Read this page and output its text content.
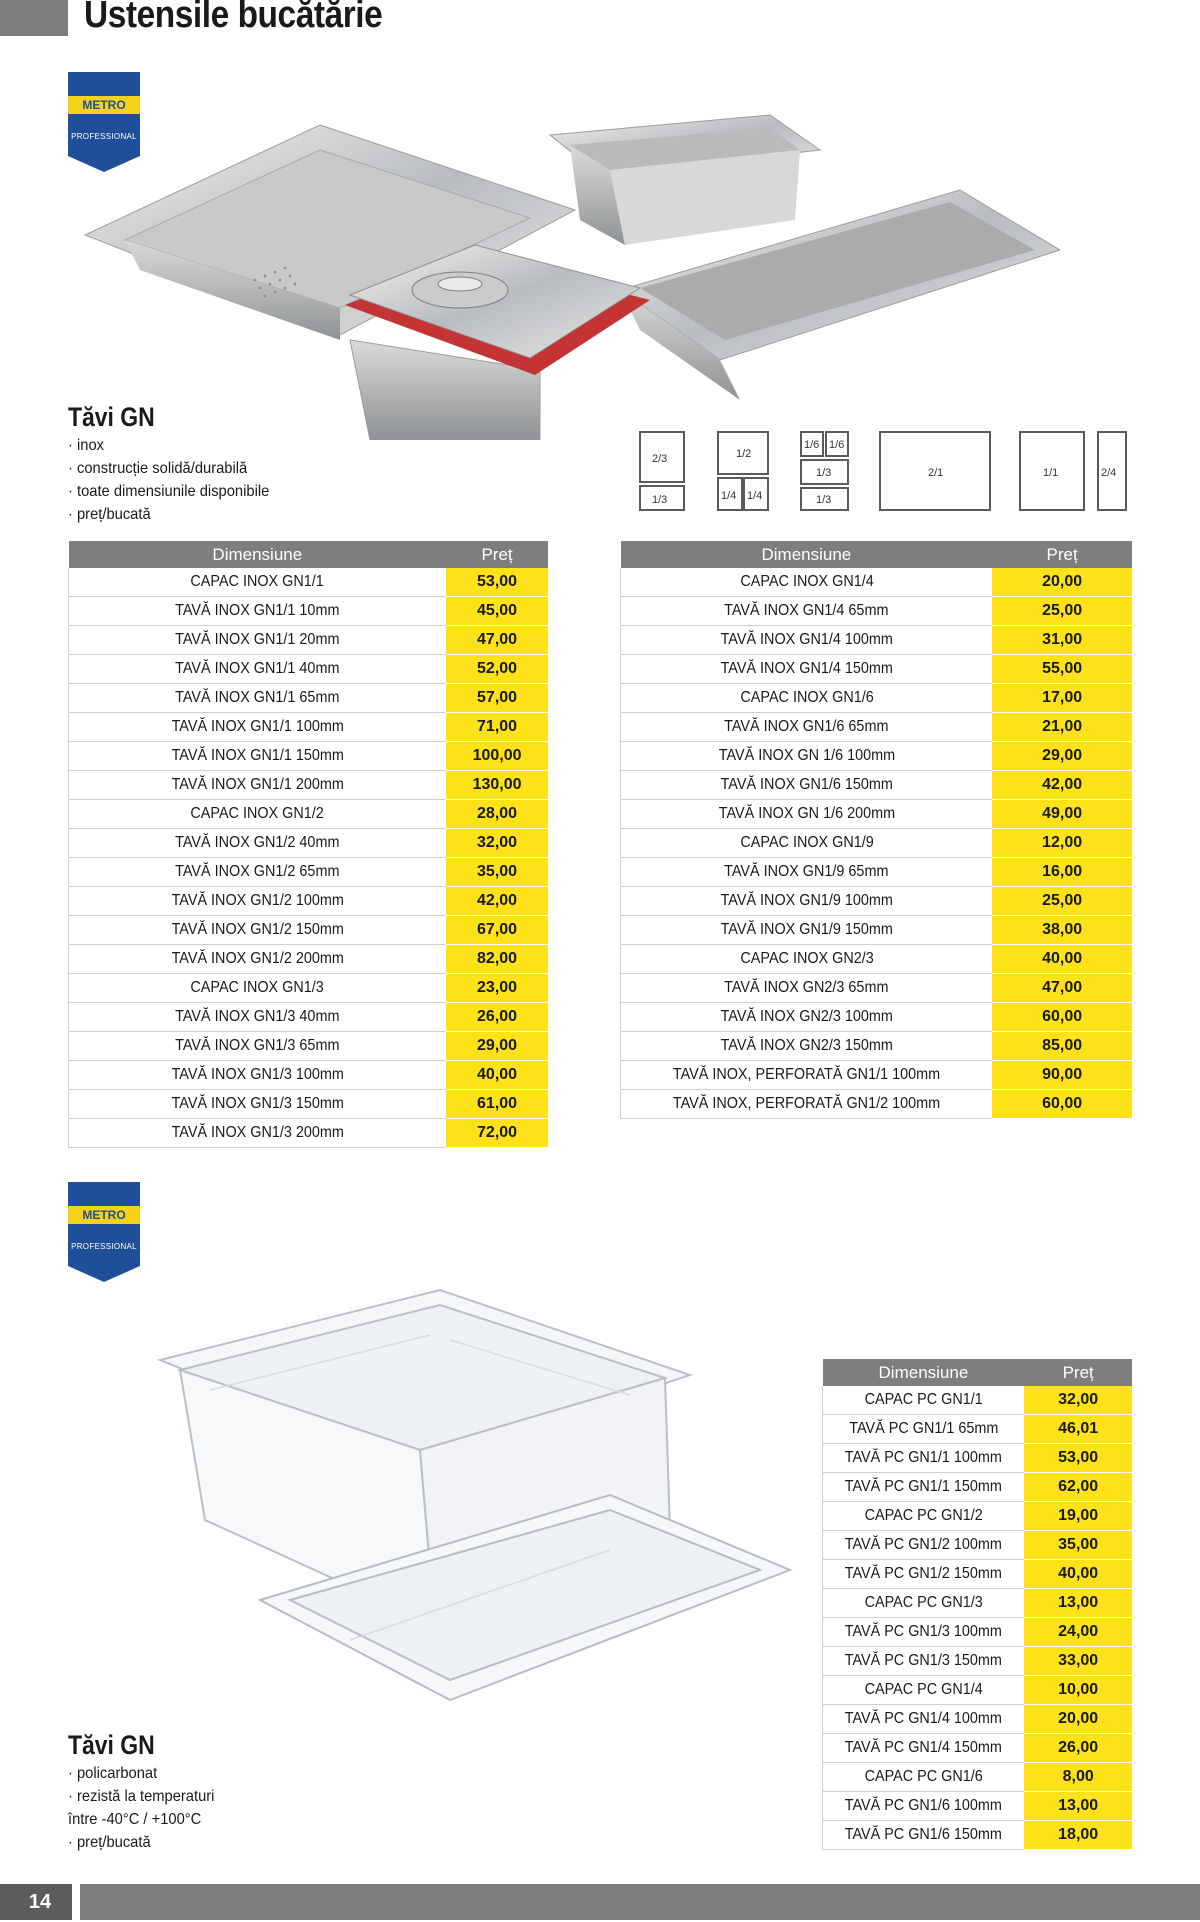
Ustensile bucătărie
METRO
PROFESSIONAL
2/3
1/3
1/2
1/4 1/4
1/6 1/6
1/3
1/3
2/1	1/1	2/4
Tăvi GN
· inox
· construcție solidă/durabilă
· toate dimensiunile disponibile
· preț/bucată
Dimensiune	Preț
CAPAC INOX GN1/1	53,00
TAVĂ INOX GN1/1 10mm	45,00
TAVĂ INOX GN1/1 20mm	47,00
TAVĂ INOX GN1/1 40mm	52,00
TAVĂ INOX GN1/1 65mm	57,00
TAVĂ INOX GN1/1 100mm	71,00
TAVĂ INOX GN1/1 150mm	100,00
TAVĂ INOX GN1/1 200mm	130,00
CAPAC INOX GN1/2	28,00
TAVĂ INOX GN1/2 40mm	32,00
TAVĂ INOX GN1/2 65mm	35,00
TAVĂ INOX GN1/2 100mm	42,00
TAVĂ INOX GN1/2 150mm	67,00
TAVĂ INOX GN1/2 200mm	82,00
CAPAC INOX GN1/3	23,00
TAVĂ INOX GN1/3 40mm	26,00
TAVĂ INOX GN1/3 65mm	29,00
TAVĂ INOX GN1/3 100mm	40,00
TAVĂ INOX GN1/3 150mm	61,00
TAVĂ INOX GN1/3 200mm	72,00
Dimensiune	Preț
CAPAC INOX GN1/4	20,00
TAVĂ INOX GN1/4 65mm	25,00
TAVĂ INOX GN1/4 100mm	31,00
TAVĂ INOX GN1/4 150mm	55,00
CAPAC INOX GN1/6	17,00
TAVĂ INOX GN1/6 65mm	21,00
TAVĂ INOX GN 1/6 100mm	29,00
TAVĂ INOX GN1/6 150mm	42,00
TAVĂ INOX GN 1/6 200mm	49,00
CAPAC INOX GN1/9	12,00
TAVĂ INOX GN1/9 65mm	16,00
TAVĂ INOX GN1/9 100mm	25,00
TAVĂ INOX GN1/9 150mm	38,00
CAPAC INOX GN2/3	40,00
TAVĂ INOX GN2/3 65mm	47,00
TAVĂ INOX GN2/3 100mm	60,00
TAVĂ INOX GN2/3 150mm	85,00
TAVĂ INOX, PERFORATĂ GN1/1 100mm	90,00
TAVĂ INOX, PERFORATĂ GN1/2 100mm	60,00
METRO
PROFESSIONAL
Tăvi GN
· policarbonat
· rezistă la temperaturi
între -40°C / +100°C
· preț/bucată
Dimensiune	Preț
CAPAC PC GN1/1	32,00
TAVĂ PC GN1/1 65mm	46,01
TAVĂ PC GN1/1 100mm	53,00
TAVĂ PC GN1/1 150mm	62,00
CAPAC PC GN1/2	19,00
TAVĂ PC GN1/2 100mm	35,00
TAVĂ PC GN1/2 150mm	40,00
CAPAC PC GN1/3	13,00
TAVĂ PC GN1/3 100mm	24,00
TAVĂ PC GN1/3 150mm	33,00
CAPAC PC GN1/4	10,00
TAVĂ PC GN1/4 100mm	20,00
TAVĂ PC GN1/4 150mm	26,00
CAPAC PC GN1/6	8,00
TAVĂ PC GN1/6 100mm	13,00
TAVĂ PC GN1/6 150mm	18,00
14
